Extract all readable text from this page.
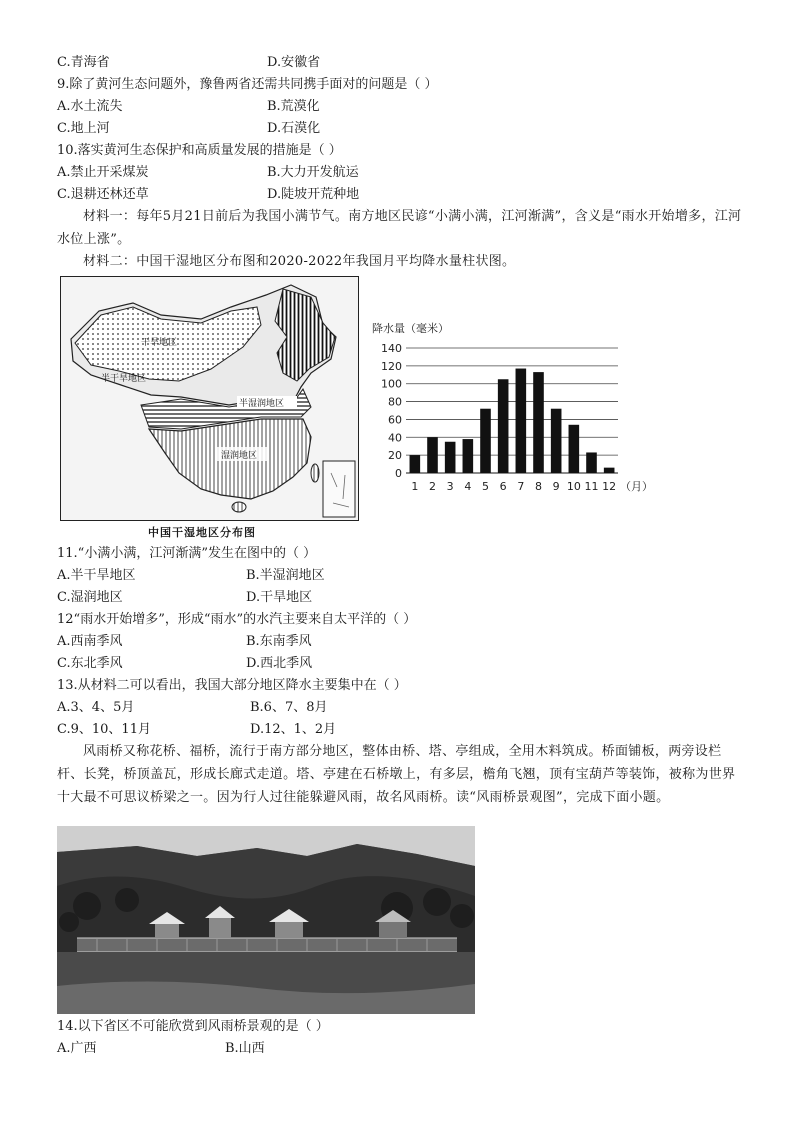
C.青海省	D.安徽省
9.除了黄河生态问题外，豫鲁两省还需共同携手面对的问题是（ ）
A.水土流失	B.荒漠化
C.地上河	D.石漠化
10.落实黄河生态保护和高质量发展的措施是（ ）
A.禁止开采煤炭	B.大力开发航运
C.退耕还林还草	D.陡坡开荒种地
材料一：每年5月21日前后为我国小满节气。南方地区民谚“小满小满，江河渐满”，含义是“雨水开始增多，江河水位上涨”。
材料二：中国干湿地区分布图和2020-2022年我国月平均降水量柱状图。
干旱地区
半干旱地区
半湿润地区
湿润地区
中国干湿地区分布图
0
20
40
60
80
100
120
140
1 2 3 4 5 6 7 8 9 10 11 12
降水量（毫米）
（月）
11.“小满小满，江河渐满”发生在图中的（ ）
A.半干旱地区	B.半湿润地区
C.湿润地区	D.干旱地区
12“雨水开始增多”，形成“雨水”的水汽主要来自太平洋的（ ）
A.西南季风	B.东南季风
C.东北季风	D.西北季风
13.从材料二可以看出，我国大部分地区降水主要集中在（ ）
A.3、4、5月	B.6、7、8月
C.9、10、11月	D.12、1、2月
风雨桥又称花桥、福桥，流行于南方部分地区，整体由桥、塔、亭组成，全用木料筑成。桥面铺板，两旁设栏杆、长凳，桥顶盖瓦，形成长廊式走道。塔、亭建在石桥墩上，有多层，檐角飞翘，顶有宝葫芦等装饰，被称为世界十大最不可思议桥梁之一。因为行人过往能躲避风雨，故名风雨桥。读“风雨桥景观图”，完成下面小题。
14.以下省区不可能欣赏到风雨桥景观的是（ ）
A.广西	B.山西
